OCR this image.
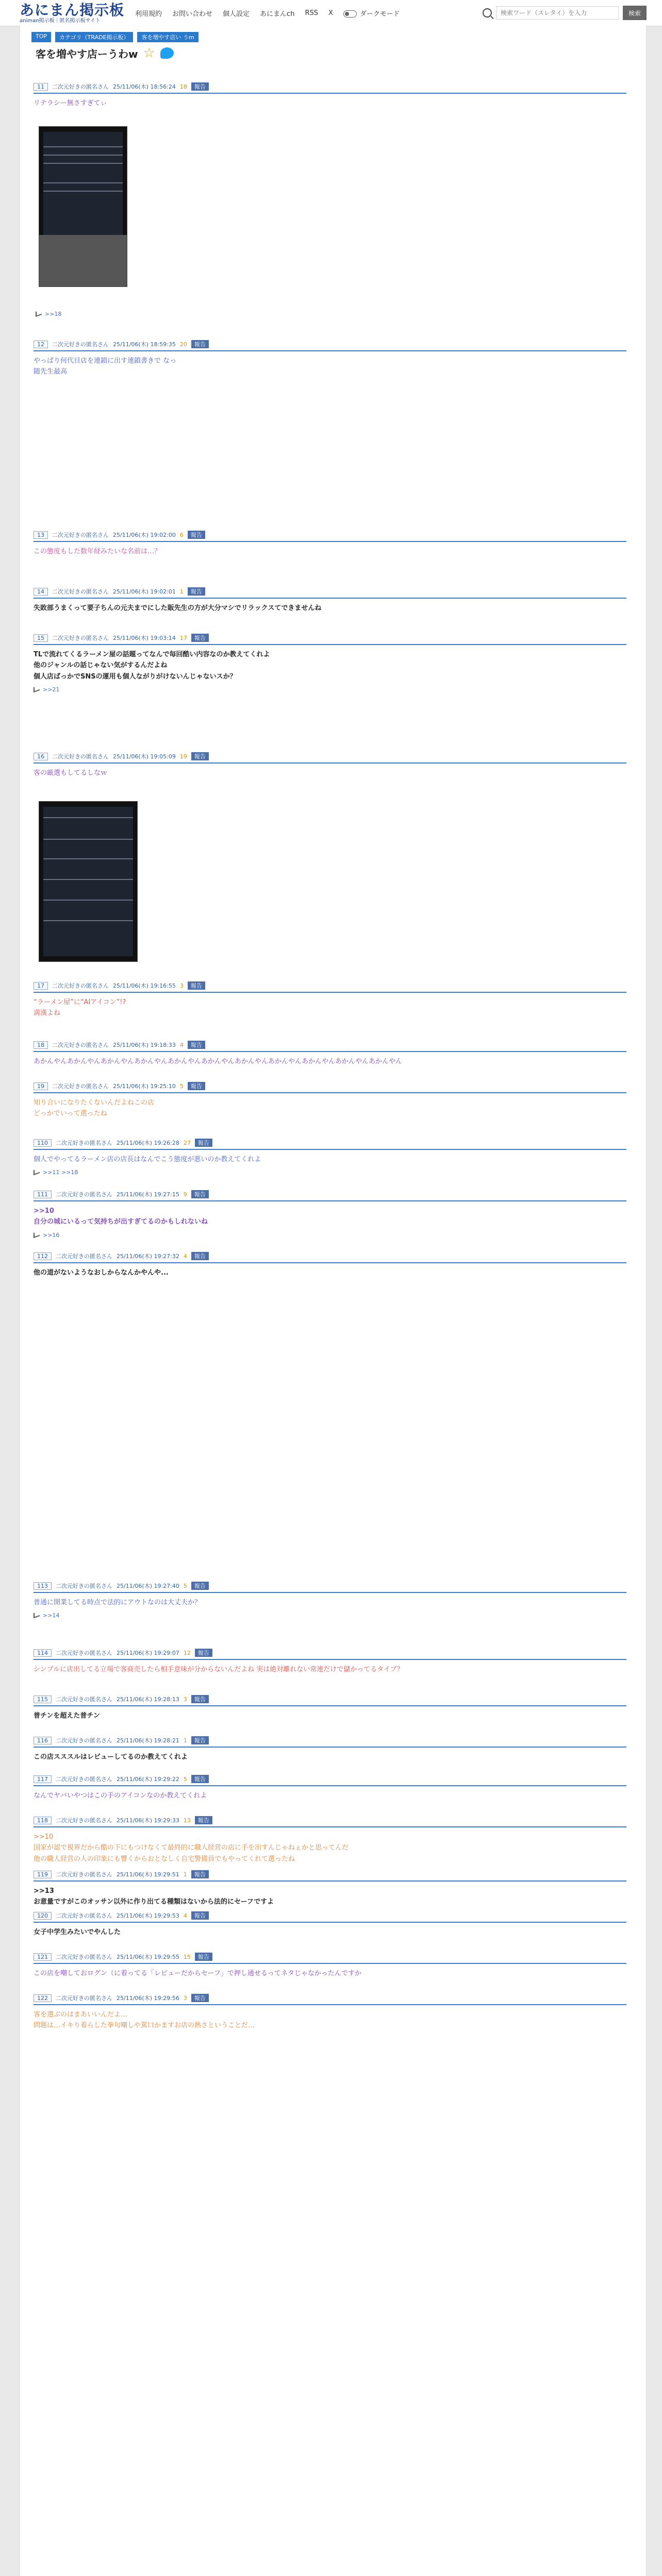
あにまん掲示板
animan掲示板｜匿名掲示板サイト
利用規約 お問い合わせ 個人設定 あにまんch RSS X	ダークモード
検索ワード（スレタイ）を入力	検索
TOP	カテゴリ（TRADE掲示板）	客を増やす店い うm
客を増やす店ーうわw ☆
11	二次元好きの匿名さん 25/11/06(木) 18:56:24 18	報告
リテラシー無さすぎてぃ
>>18
12	二次元好きの匿名さん 25/11/06(木) 18:59:35 20	報告
やっぱり何代目店を連鎖に出す連鎖書きで なっ
随先生最高
13	二次元好きの匿名さん 25/11/06(木) 19:02:00 6	報告
この態度もした数年経みたいな名前は…？
14	二次元好きの匿名さん 25/11/06(木) 19:02:01 1	報告
失敗部うまくって要子ちんの元夫までにした販先生の方が大分マシでリラックスてできませんね
15	二次元好きの匿名さん 25/11/06(木) 19:03:14 17	報告
TLで流れてくるラーメン屋の話題ってなんで毎回酷い内容なのか教えてくれよ
他のジャンルの話じゃない気がするんだよね
個人店ばっかでSNSの運用も個人ながりがけないんじゃないスか？
>>21
16	二次元好きの匿名さん 25/11/06(木) 19:05:09 19	報告
客の厳選もしてるしなｗ
17	二次元好きの匿名さん 25/11/06(木) 19:16:55 3	報告
“ラーメン屋”に“AIアイコン”!?
満漢よね
18	二次元好きの匿名さん 25/11/06(木) 19:18:33 4	報告
あかんやんあかんやんあかんやんあかんやんあかんやんあかんやんあかんやんあかんやんあかんやんあかんやんあかんやん
19	二次元好きの匿名さん 25/11/06(木) 19:25:10 5	報告
知り合いになりたくないんだよねこの店
どっかでいって選ったね
110	二次元好きの匿名さん 25/11/06(木) 19:26:28 27	報告
個人でやってるラーメン店の店長はなんでこう態度が悪いのか教えてくれよ
>>11 >>18
111	二次元好きの匿名さん 25/11/06(木) 19:27:15 9	報告
>>10
自分の城にいるって気持ちが出すぎてるのかもしれないね
>>16
112	二次元好きの匿名さん 25/11/06(木) 19:27:32 4	報告
他の道がないようなおしからなんかやんや...
113	二次元好きの匿名さん 25/11/06(木) 19:27:40 5	報告
普通に開業してる時点で法的にアウトなのは大丈夫か？
>>14
114	二次元好きの匿名さん 25/11/06(木) 19:29:07 12	報告
シンプルに店出してる立場で客商売したら相手意味が分からないんだよね 実は絶対離れない常連だけで儲かってるタイプ？
115	二次元好きの匿名さん 25/11/06(木) 19:28:13 3	報告
普チンを超えた普チン
116	二次元好きの匿名さん 25/11/06(木) 19:28:21 1	報告
この店スススルはレビューしてるのか教えてくれよ
117	二次元好きの匿名さん 25/11/06(木) 19:29:22 5	報告
なんでヤバいやつはこの手のアイコンなのか教えてくれよ
118	二次元好きの匿名さん 25/11/06(木) 19:29:33 13	報告
>>10
国家が認で視界だから酷の下にもつけなくて最終的に職人経営の店に手を出すんじゃねぇかと思ってんだ
他の職人経営の人の印象にも響くからおとなしく自宅警備員でもやってくれて選ったね
119	二次元好きの匿名さん 25/11/06(木) 19:29:51 1	報告
>>13
お意量ですがこのオッサン以外に作り出てる種類はないから法的にセーフですよ
120	二次元好きの匿名さん 25/11/06(木) 19:29:53 4	報告
女子中学生みたいでやんした
121	二次元好きの匿名さん 25/11/06(木) 19:29:55 15	報告
この店を嘲しておログン（に着ってる「レビューだからセーフ」で押し通せるってネタじゃなかったんですか
122	二次元好きの匿名さん 25/11/06(木) 19:29:56 3	報告
客を選ぶのはまあいいんだよ…
問題は…イキり着らした拳句嘲しや罵口かますお店の熱さということだ…
